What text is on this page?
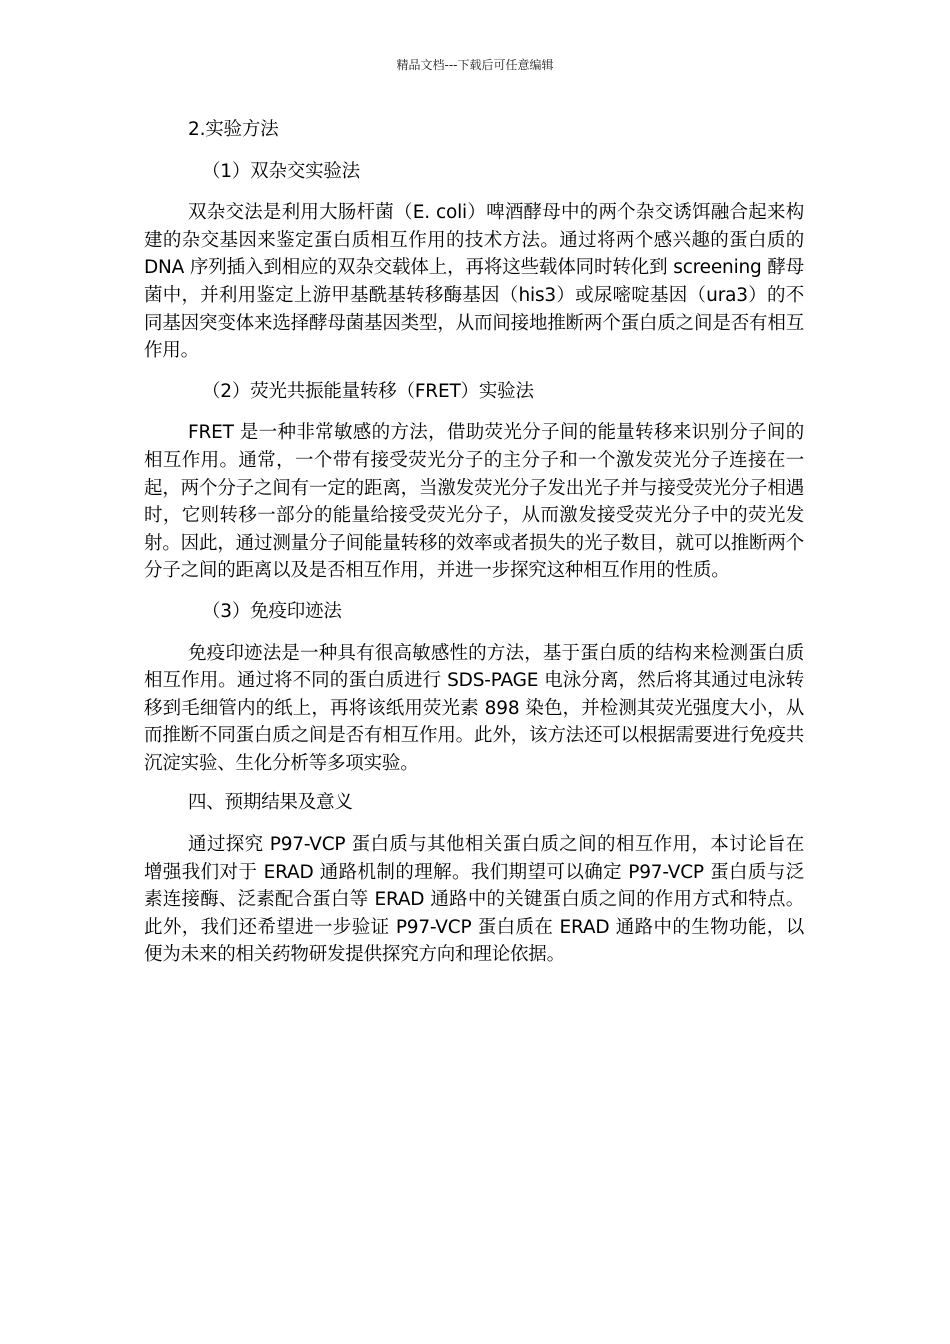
精品文档---下载后可任意编辑

2.实验方法

（1）双杂交实验法

双杂交法是利用大肠杆菌（E. coli）啤酒酵母中的两个杂交诱饵融合起来构建的杂交基因来鉴定蛋白质相互作用的技术方法。通过将两个感兴趣的蛋白质的 DNA 序列插入到相应的双杂交载体上，再将这些载体同时转化到 screening 酵母菌中，并利用鉴定上游甲基酰基转移酶基因（his3）或尿嘧啶基因（ura3）的不同基因突变体来选择酵母菌基因类型，从而间接地推断两个蛋白质之间是否有相互作用。

（2）荧光共振能量转移（FRET）实验法

FRET 是一种非常敏感的方法，借助荧光分子间的能量转移来识别分子间的相互作用。通常，一个带有接受荧光分子的主分子和一个激发荧光分子连接在一起，两个分子之间有一定的距离，当激发荧光分子发出光子并与接受荧光分子相遇时，它则转移一部分的能量给接受荧光分子，从而激发接受荧光分子中的荧光发射。因此，通过测量分子间能量转移的效率或者损失的光子数目，就可以推断两个分子之间的距离以及是否相互作用，并进一步探究这种相互作用的性质。

（3）免疫印迹法

免疫印迹法是一种具有很高敏感性的方法，基于蛋白质的结构来检测蛋白质相互作用。通过将不同的蛋白质进行 SDS-PAGE 电泳分离，然后将其通过电泳转移到毛细管内的纸上，再将该纸用荧光素 898 染色，并检测其荧光强度大小，从而推断不同蛋白质之间是否有相互作用。此外，该方法还可以根据需要进行免疫共沉淀实验、生化分析等多项实验。

四、预期结果及意义

通过探究 P97-VCP 蛋白质与其他相关蛋白质之间的相互作用，本讨论旨在增强我们对于 ERAD 通路机制的理解。我们期望可以确定 P97-VCP 蛋白质与泛素连接酶、泛素配合蛋白等 ERAD 通路中的关键蛋白质之间的作用方式和特点。此外，我们还希望进一步验证 P97-VCP 蛋白质在 ERAD 通路中的生物功能，以便为未来的相关药物研发提供探究方向和理论依据。
